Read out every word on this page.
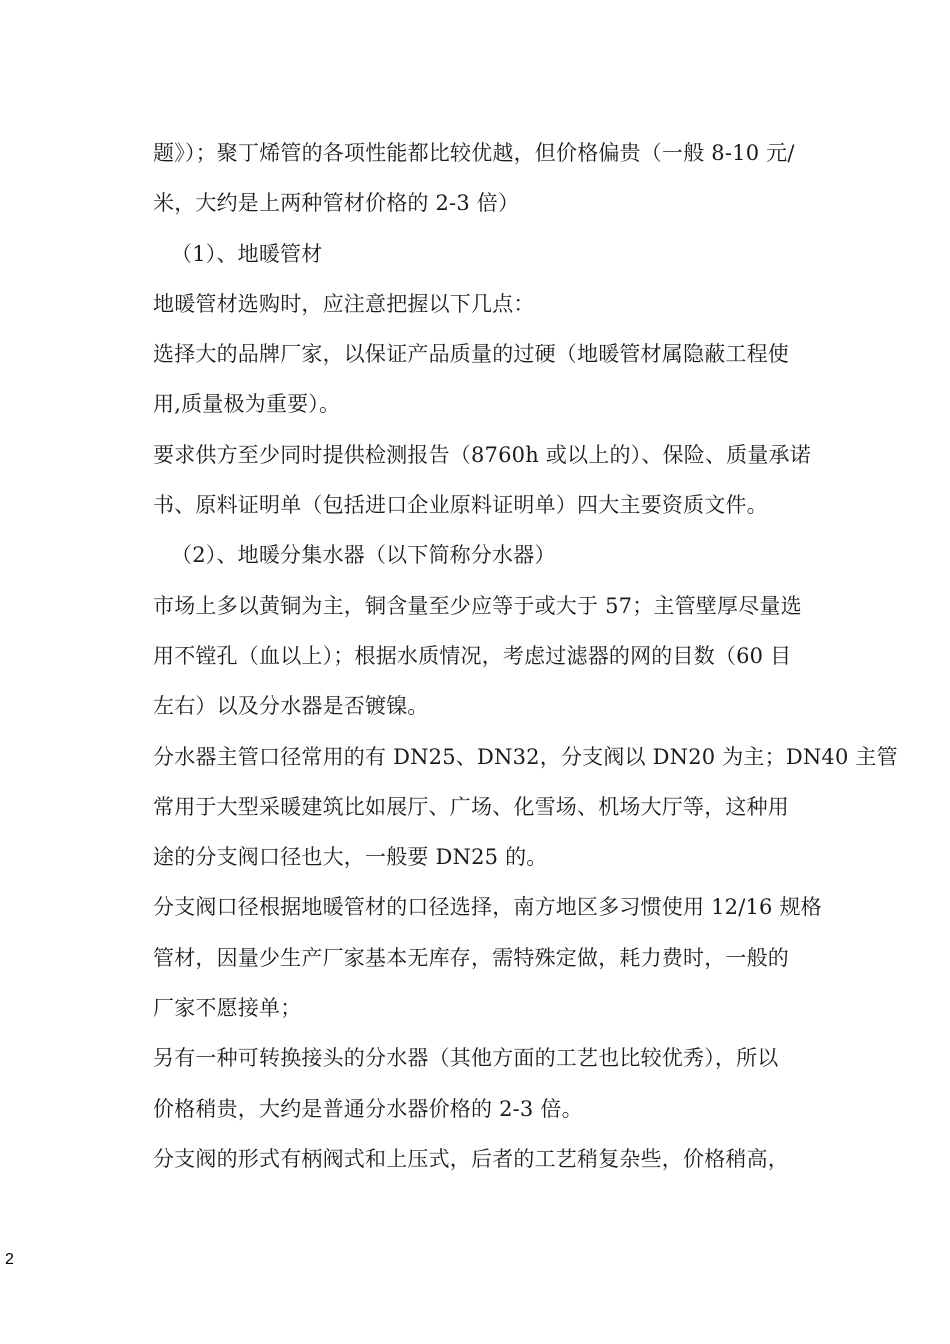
题》）；聚丁烯管的各项性能都比较优越，但价格偏贵（一般 8-10 元/
米，大约是上两种管材价格的 2-3 倍）
（1）、地暖管材
地暖管材选购时，应注意把握以下几点：
选择大的品牌厂家，以保证产品质量的过硬（地暖管材属隐蔽工程使
用,质量极为重要）。
要求供方至少同时提供检测报告（8760h 或以上的）、保险、质量承诺
书、原料证明单（包括进口企业原料证明单）四大主要资质文件。
（2）、地暖分集水器（以下简称分水器）
市场上多以黄铜为主，铜含量至少应等于或大于 57；主管壁厚尽量选
用不镗孔（血以上）；根据水质情况，考虑过滤器的网的目数（60 目
左右）以及分水器是否镀镍。
分水器主管口径常用的有 DN25、DN32，分支阀以 DN20 为主；DN40 主管
常用于大型采暖建筑比如展厅、广场、化雪场、机场大厅等，这种用
途的分支阀口径也大，一般要 DN25 的。
分支阀口径根据地暖管材的口径选择，南方地区多习惯使用 12/16 规格
管材，因量少生产厂家基本无库存，需特殊定做，耗力费时，一般的
厂家不愿接单；
另有一种可转换接头的分水器（其他方面的工艺也比较优秀），所以
价格稍贵，大约是普通分水器价格的 2-3 倍。
分支阀的形式有柄阀式和上压式，后者的工艺稍复杂些，价格稍高，
2
